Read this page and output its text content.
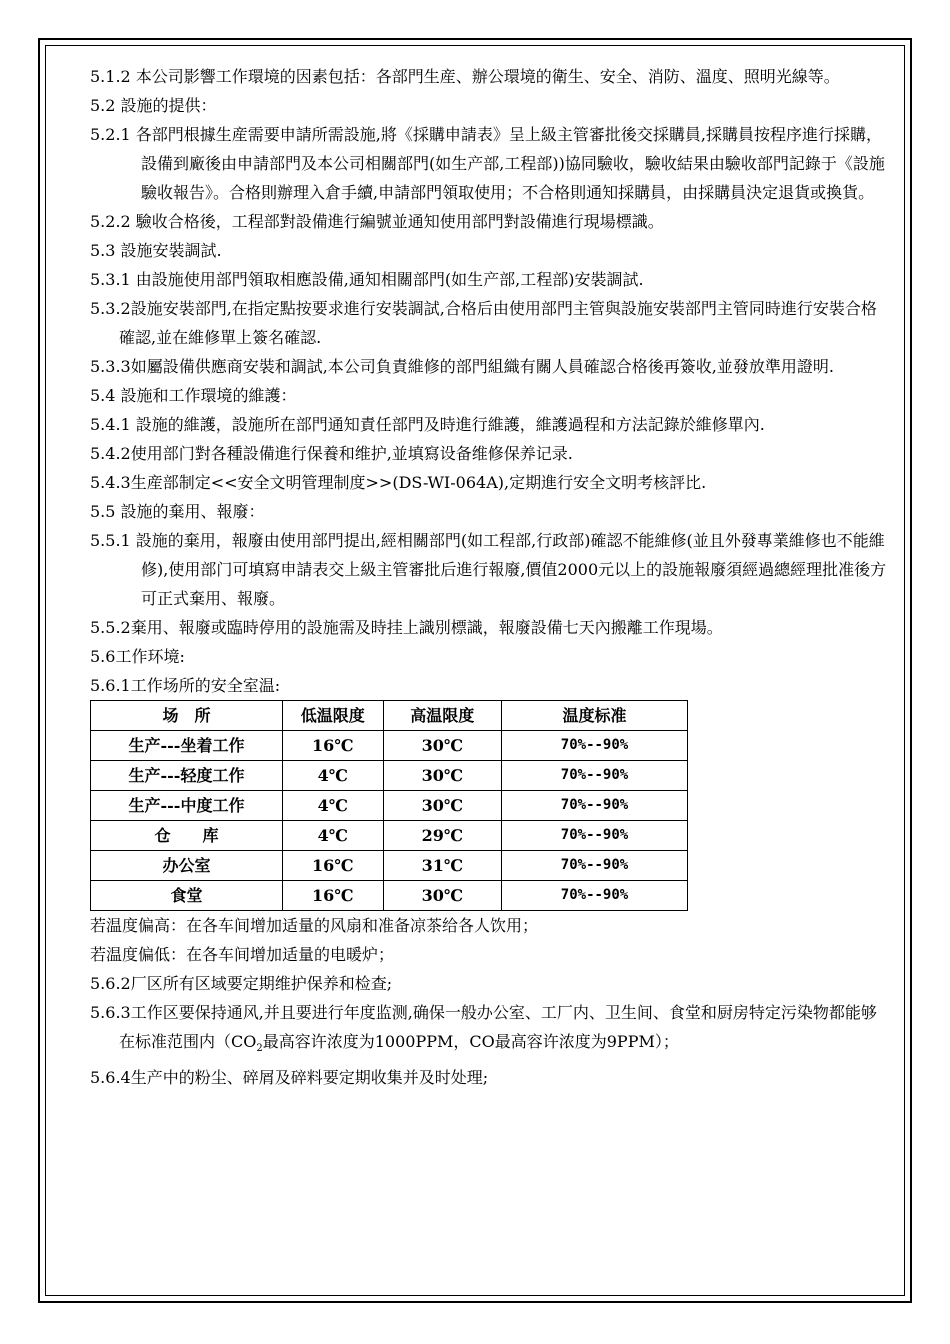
5.1.2 本公司影響工作環境的因素包括：各部門生産、辦公環境的衛生、安全、消防、溫度、照明光線等。

5.2 設施的提供：

5.2.1 各部門根據生産需要申請所需設施,將《採購申請表》呈上級主管審批後交採購員,採購員按程序進行採購，設備到廠後由申請部門及本公司相關部門(如生产部,工程部))協同驗收，驗收結果由驗收部門記錄于《設施驗收報告》。合格則辦理入倉手續,申請部門領取使用；不合格則通知採購員，由採購員決定退貨或換貨。

5.2.2 驗收合格後，工程部對設備進行編號並通知使用部門對設備進行現場標識。

5.3 設施安裝調試.

5.3.1 由設施使用部門領取相應設備,通知相關部門(如生产部,工程部)安裝調試.

5.3.2設施安裝部門,在指定點按要求進行安裝調試,合格后由使用部門主管與設施安裝部門主管同時進行安裝合格確認,並在維修單上簽名確認.

5.3.3如屬設備供應商安裝和調試,本公司負責維修的部門組織有關人員確認合格後再簽收,並發放準用證明.

5.4 設施和工作環境的維護：

5.4.1 設施的維護，設施所在部門通知責任部門及時進行維護，維護過程和方法記錄於維修單內.

5.4.2使用部门對各種設備進行保養和维护,並填寫设备维修保养记录.

5.4.3生産部制定<<安全文明管理制度>>(DS-WI-064A),定期進行安全文明考核評比.

5.5 設施的棄用、報廢：

5.5.1 設施的棄用，報廢由使用部門提出,經相關部門(如工程部,行政部)確認不能維修(並且外發專業維修也不能維修),使用部门可填寫申請表交上級主管審批后進行報廢,價值2000元以上的設施報廢須經過總經理批准後方可正式棄用、報廢。

5.5.2棄用、報廢或臨時停用的設施需及時挂上識別標識，報廢設備七天內搬離工作現場。

5.6工作环境:

5.6.1工作场所的安全室温:

场　所	低温限度	高温限度	温度标准
生产---坐着工作	16℃	30℃	70%--90%
生产---轻度工作	4℃	30℃	70%--90%
生产---中度工作	4℃	30℃	70%--90%
仓　　库	4℃	29℃	70%--90%
办公室	16℃	31℃	70%--90%
食堂	16℃	30℃	70%--90%

若温度偏高：在各车间增加适量的风扇和准备凉茶给各人饮用；

若温度偏低：在各车间增加适量的电暖炉；

5.6.2厂区所有区域要定期维护保养和检查;

5.6.3工作区要保持通风,并且要进行年度监测,确保一般办公室、工厂内、卫生间、食堂和厨房特定污染物都能够在标准范围内（$CO_2$最高容许浓度为1000PPM，CO最高容许浓度为9PPM）；

5.6.4生产中的粉尘、碎屑及碎料要定期收集并及时处理;
